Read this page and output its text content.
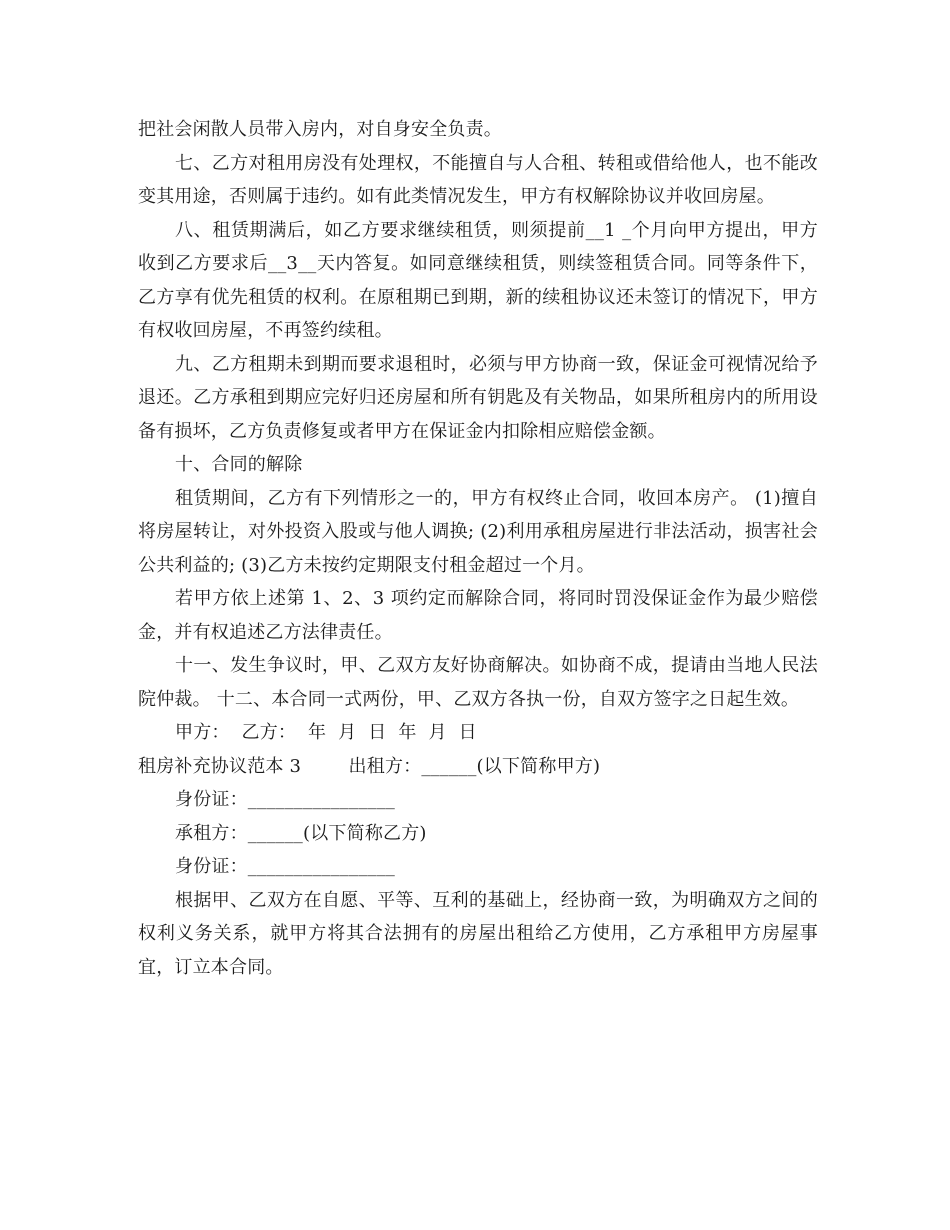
把社会闲散人员带入房内，对自身安全负责。

七、乙方对租用房没有处理权，不能擅自与人合租、转租或借给他人，也不能改变其用途，否则属于违约。如有此类情况发生，甲方有权解除协议并收回房屋。

八、租赁期满后，如乙方要求继续租赁，则须提前__1 _个月向甲方提出，甲方收到乙方要求后__3__天内答复。如同意继续租赁，则续签租赁合同。同等条件下，乙方享有优先租赁的权利。在原租期已到期，新的续租协议还未签订的情况下，甲方有权收回房屋，不再签约续租。

九、乙方租期未到期而要求退租时，必须与甲方协商一致，保证金可视情况给予退还。乙方承租到期应完好归还房屋和所有钥匙及有关物品，如果所租房内的所用设备有损坏，乙方负责修复或者甲方在保证金内扣除相应赔偿金额。

十、合同的解除

租赁期间，乙方有下列情形之一的，甲方有权终止合同，收回本房产。 (1)擅自将房屋转让，对外投资入股或与他人调换; (2)利用承租房屋进行非法活动，损害社会公共利益的; (3)乙方未按约定期限支付租金超过一个月。

若甲方依上述第 1、2、3 项约定而解除合同，将同时罚没保证金作为最少赔偿金，并有权追述乙方法律责任。

十一、发生争议时，甲、乙双方友好协商解决。如协商不成，提请由当地人民法院仲裁。 十二、本合同一式两份，甲、乙双方各执一份，自双方签字之日起生效。

甲方： 乙方： 年 月 日 年 月 日

租房补充协议范本 3        出租方：______(以下简称甲方)

身份证：________________

承租方：______(以下简称乙方)

身份证：________________

根据甲、乙双方在自愿、平等、互利的基础上，经协商一致，为明确双方之间的权利义务关系，就甲方将其合法拥有的房屋出租给乙方使用，乙方承租甲方房屋事宜，订立本合同。
